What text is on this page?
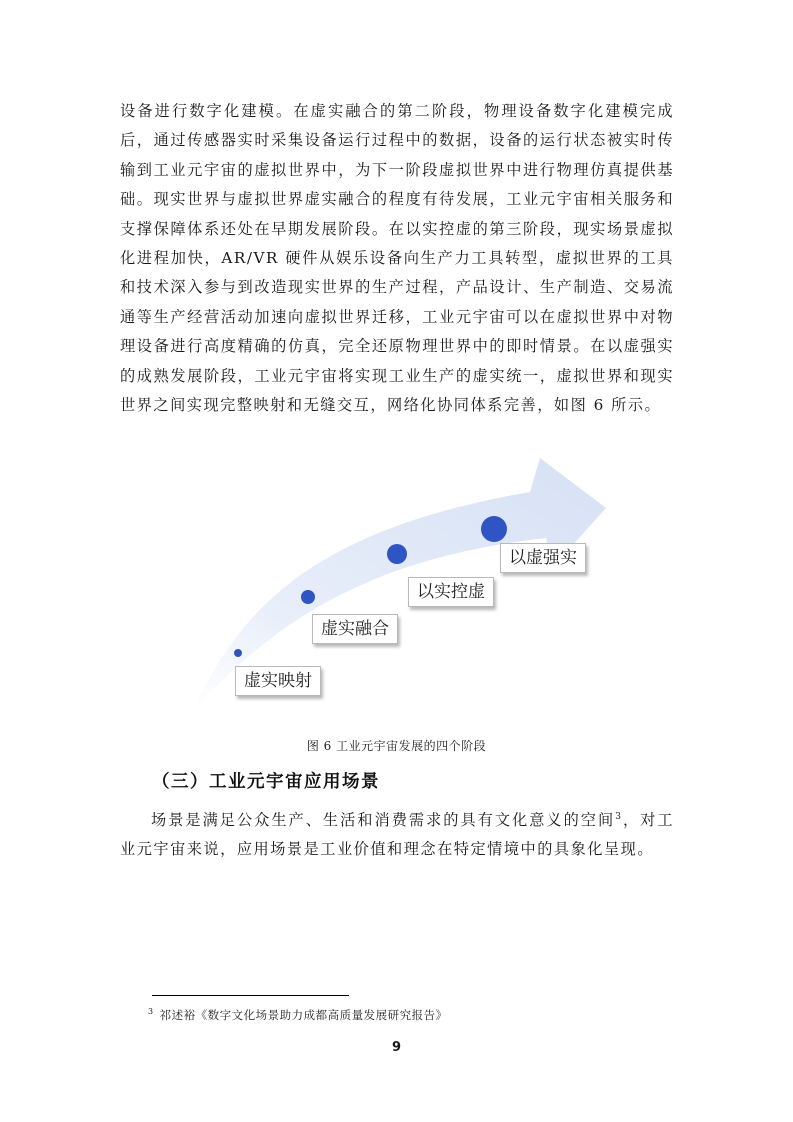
设备进行数字化建模。在虚实融合的第二阶段，物理设备数字化建模完成后，通过传感器实时采集设备运行过程中的数据，设备的运行状态被实时传输到工业元宇宙的虚拟世界中，为下一阶段虚拟世界中进行物理仿真提供基础。现实世界与虚拟世界虚实融合的程度有待发展，工业元宇宙相关服务和支撑保障体系还处在早期发展阶段。在以实控虚的第三阶段，现实场景虚拟化进程加快，AR/VR 硬件从娱乐设备向生产力工具转型，虚拟世界的工具和技术深入参与到改造现实世界的生产过程，产品设计、生产制造、交易流通等生产经营活动加速向虚拟世界迁移，工业元宇宙可以在虚拟世界中对物理设备进行高度精确的仿真，完全还原物理世界中的即时情景。在以虚强实的成熟发展阶段，工业元宇宙将实现工业生产的虚实统一，虚拟世界和现实世界之间实现完整映射和无缝交互，网络化协同体系完善，如图 6 所示。

虚实映射
虚实融合
以实控虚
以虚强实

图 6 工业元宇宙发展的四个阶段

（三）工业元宇宙应用场景

场景是满足公众生产、生活和消费需求的具有文化意义的空间$^3$，对工业元宇宙来说，应用场景是工业价值和理念在特定情境中的具象化呈现。

$^3$ 祁述裕《数字文化场景助力成都高质量发展研究报告》

9
